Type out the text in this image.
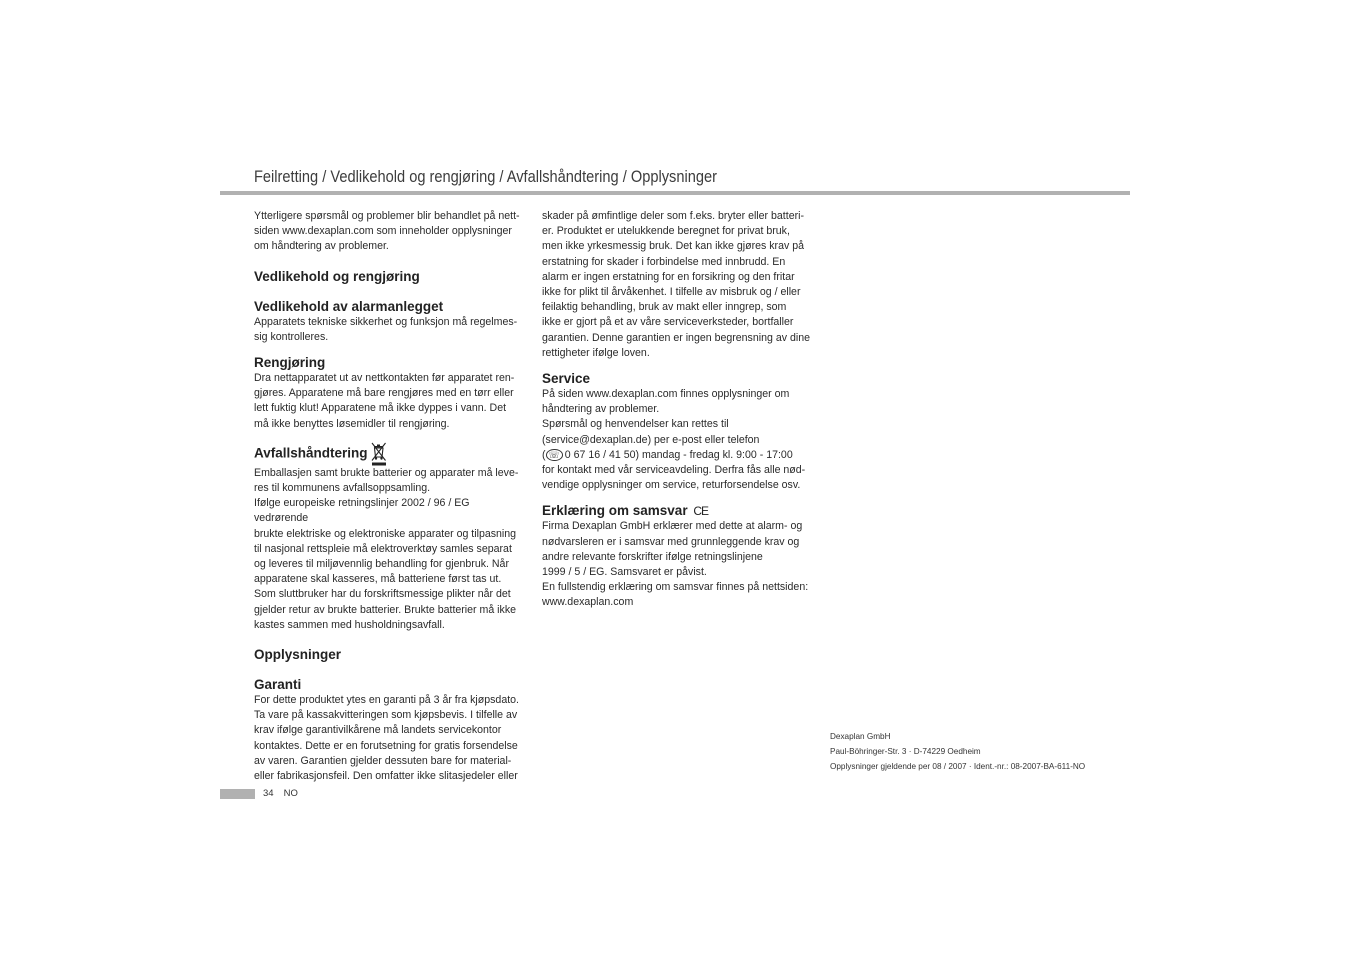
Feilretting / Vedlikehold og rengjøring / Avfallshåndtering / Opplysninger

Ytterligere spørsmål og problemer blir behandlet på nett-

siden www.dexaplan.com som inneholder opplysninger

om håndtering av problemer.

Vedlikehold og rengjøring
Vedlikehold av alarmanlegget

Apparatets tekniske sikkerhet og funksjon må regelmes-

sig kontrolleres.

Rengjøring

Dra nettapparatet ut av nettkontakten før apparatet ren-

gjøres. Apparatene må bare rengjøres med en tørr eller

lett fuktig klut! Apparatene må ikke dyppes i vann. Det

må ikke benyttes løsemidler til rengjøring.

Avfallshåndtering

Emballasjen samt brukte batterier og apparater må leve-

res til kommunens avfallsoppsamling.

Ifølge europeiske retningslinjer 2002 / 96 / EG vedrørende

brukte elektriske og elektroniske apparater og tilpasning

til nasjonal rettspleie må elektroverktøy samles separat

og leveres til miljøvennlig behandling for gjenbruk. Når

apparatene skal kasseres, må batteriene først tas ut.

Som sluttbruker har du forskriftsmessige plikter når det

gjelder retur av brukte batterier. Brukte batterier må ikke

kastes sammen med husholdningsavfall.

Opplysninger
Garanti

For dette produktet ytes en garanti på 3 år fra kjøpsdato.

Ta vare på kassakvitteringen som kjøpsbevis. I tilfelle av

krav ifølge garantivilkårene må landets servicekontor

kontaktes. Dette er en forutsetning for gratis forsendelse

av varen. Garantien gjelder dessuten bare for material-

eller fabrikasjonsfeil. Den omfatter ikke slitasjedeler eller

skader på ømfintlige deler som f.eks. bryter eller batteri-

er. Produktet er utelukkende beregnet for privat bruk,

men ikke yrkesmessig bruk. Det kan ikke gjøres krav på

erstatning for skader i forbindelse med innbrudd. En

alarm er ingen erstatning for en forsikring og den fritar

ikke for plikt til årvåkenhet. I tilfelle av misbruk og / eller

feilaktig behandling, bruk av makt eller inngrep, som

ikke er gjort på et av våre serviceverksteder, bortfaller

garantien. Denne garantien er ingen begrensning av dine

rettigheter ifølge loven.

Service

På siden www.dexaplan.com finnes opplysninger om

håndtering av problemer.

Spørsmål og henvendelser kan rettes til

(service@dexaplan.de) per e-post eller telefon

( ☏ 0 67 16 / 41 50) mandag - fredag kl. 9:00 - 17:00

for kontakt med vår serviceavdeling. Derfra fås alle nød-

vendige opplysninger om service, returforsendelse osv.

Erklæring om samsvar CE

Firma Dexaplan GmbH erklærer med dette at alarm- og

nødvarsleren er i samsvar med grunnleggende krav og

andre relevante forskrifter ifølge retningslinjene

1999 / 5 / EG. Samsvaret er påvist.

En fullstendig erklæring om samsvar finnes på nettsiden:

www.dexaplan.com

Dexaplan GmbH

Paul-Böhringer-Str. 3 · D-74229 Oedheim

Opplysninger gjeldende per 08 / 2007 · Ident.-nr.: 08-2007-BA-611-NO

34 NO
